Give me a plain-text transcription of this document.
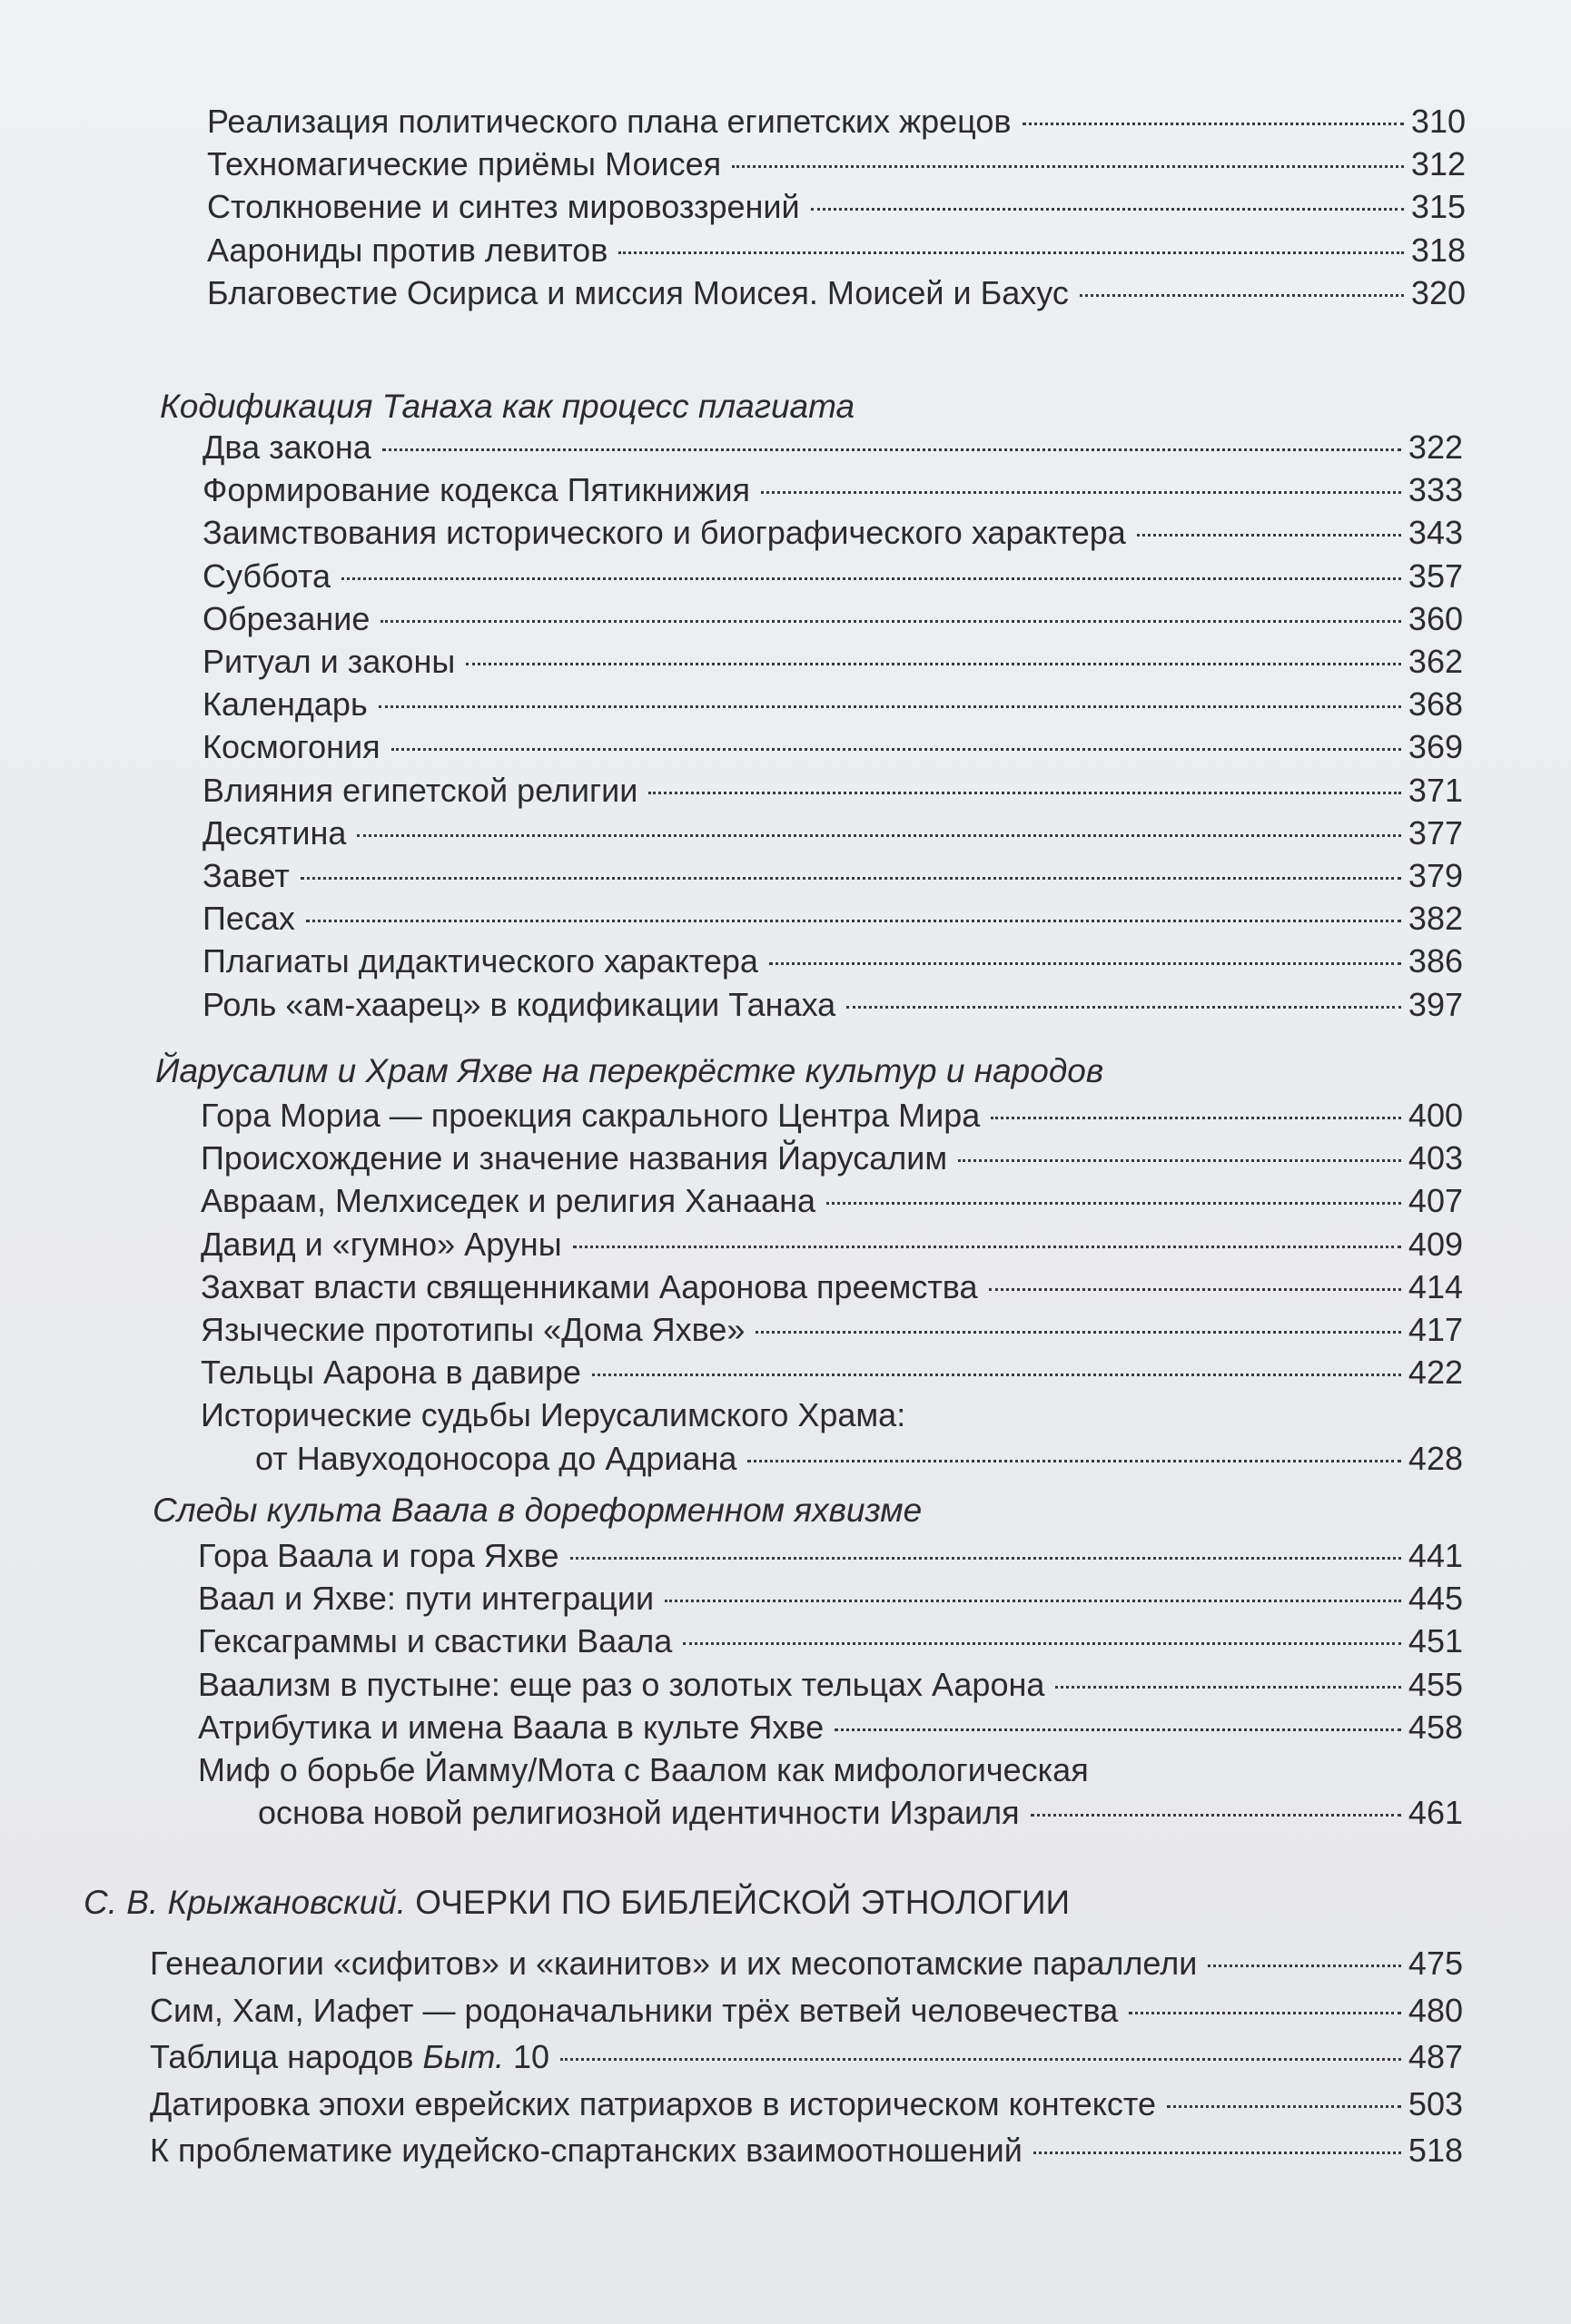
Реализация политического плана египетских жрецов	310
Техномагические приёмы Моисея	312
Столкновение и синтез мировоззрений	315
Аарониды против левитов	318
Благовестие Осириса и миссия Моисея. Моисей и Бахус	320
Кодификация Танаха как процесс плагиата
Два закона	322
Формирование кодекса Пятикнижия	333
Заимствования исторического и биографического характера	343
Суббота	357
Обрезание	360
Ритуал и законы	362
Календарь	368
Космогония	369
Влияния египетской религии	371
Десятина	377
Завет	379
Песах	382
Плагиаты дидактического характера	386
Роль «ам-хаарец» в кодификации Танаха	397
Йарусалим и Храм Яхве на перекрёстке культур и народов
Гора Мориа — проекция сакрального Центра Мира	400
Происхождение и значение названия Йарусалим	403
Авраам, Мелхиседек и религия Ханаана	407
Давид и «гумно» Аруны	409
Захват власти священниками Ааронова преемства	414
Языческие прототипы «Дома Яхве»	417
Тельцы Аарона в давире	422
Исторические судьбы Иерусалимского Храма:
от Навуходоносора до Адриана	428
Следы культа Ваала в дореформенном яхвизме
Гора Ваала и гора Яхве	441
Ваал и Яхве: пути интеграции	445
Гексаграммы и свастики Ваала	451
Ваализм в пустыне: еще раз о золотых тельцах Аарона	455
Атрибутика и имена Ваала в культе Яхве	458
Миф о борьбе Йамму/Мота с Ваалом как мифологическая
основа новой религиозной идентичности Израиля	461
С. В. Крыжановский. ОЧЕРКИ ПО БИБЛЕЙСКОЙ ЭТНОЛОГИИ
Генеалогии «сифитов» и «каинитов» и их месопотамские параллели	475
Сим, Хам, Иафет — родоначальники трёх ветвей человечества	480
Таблица народов Быт. 10	487
Датировка эпохи еврейских патриархов в историческом контексте	503
К проблематике иудейско-спартанских взаимоотношений	518
